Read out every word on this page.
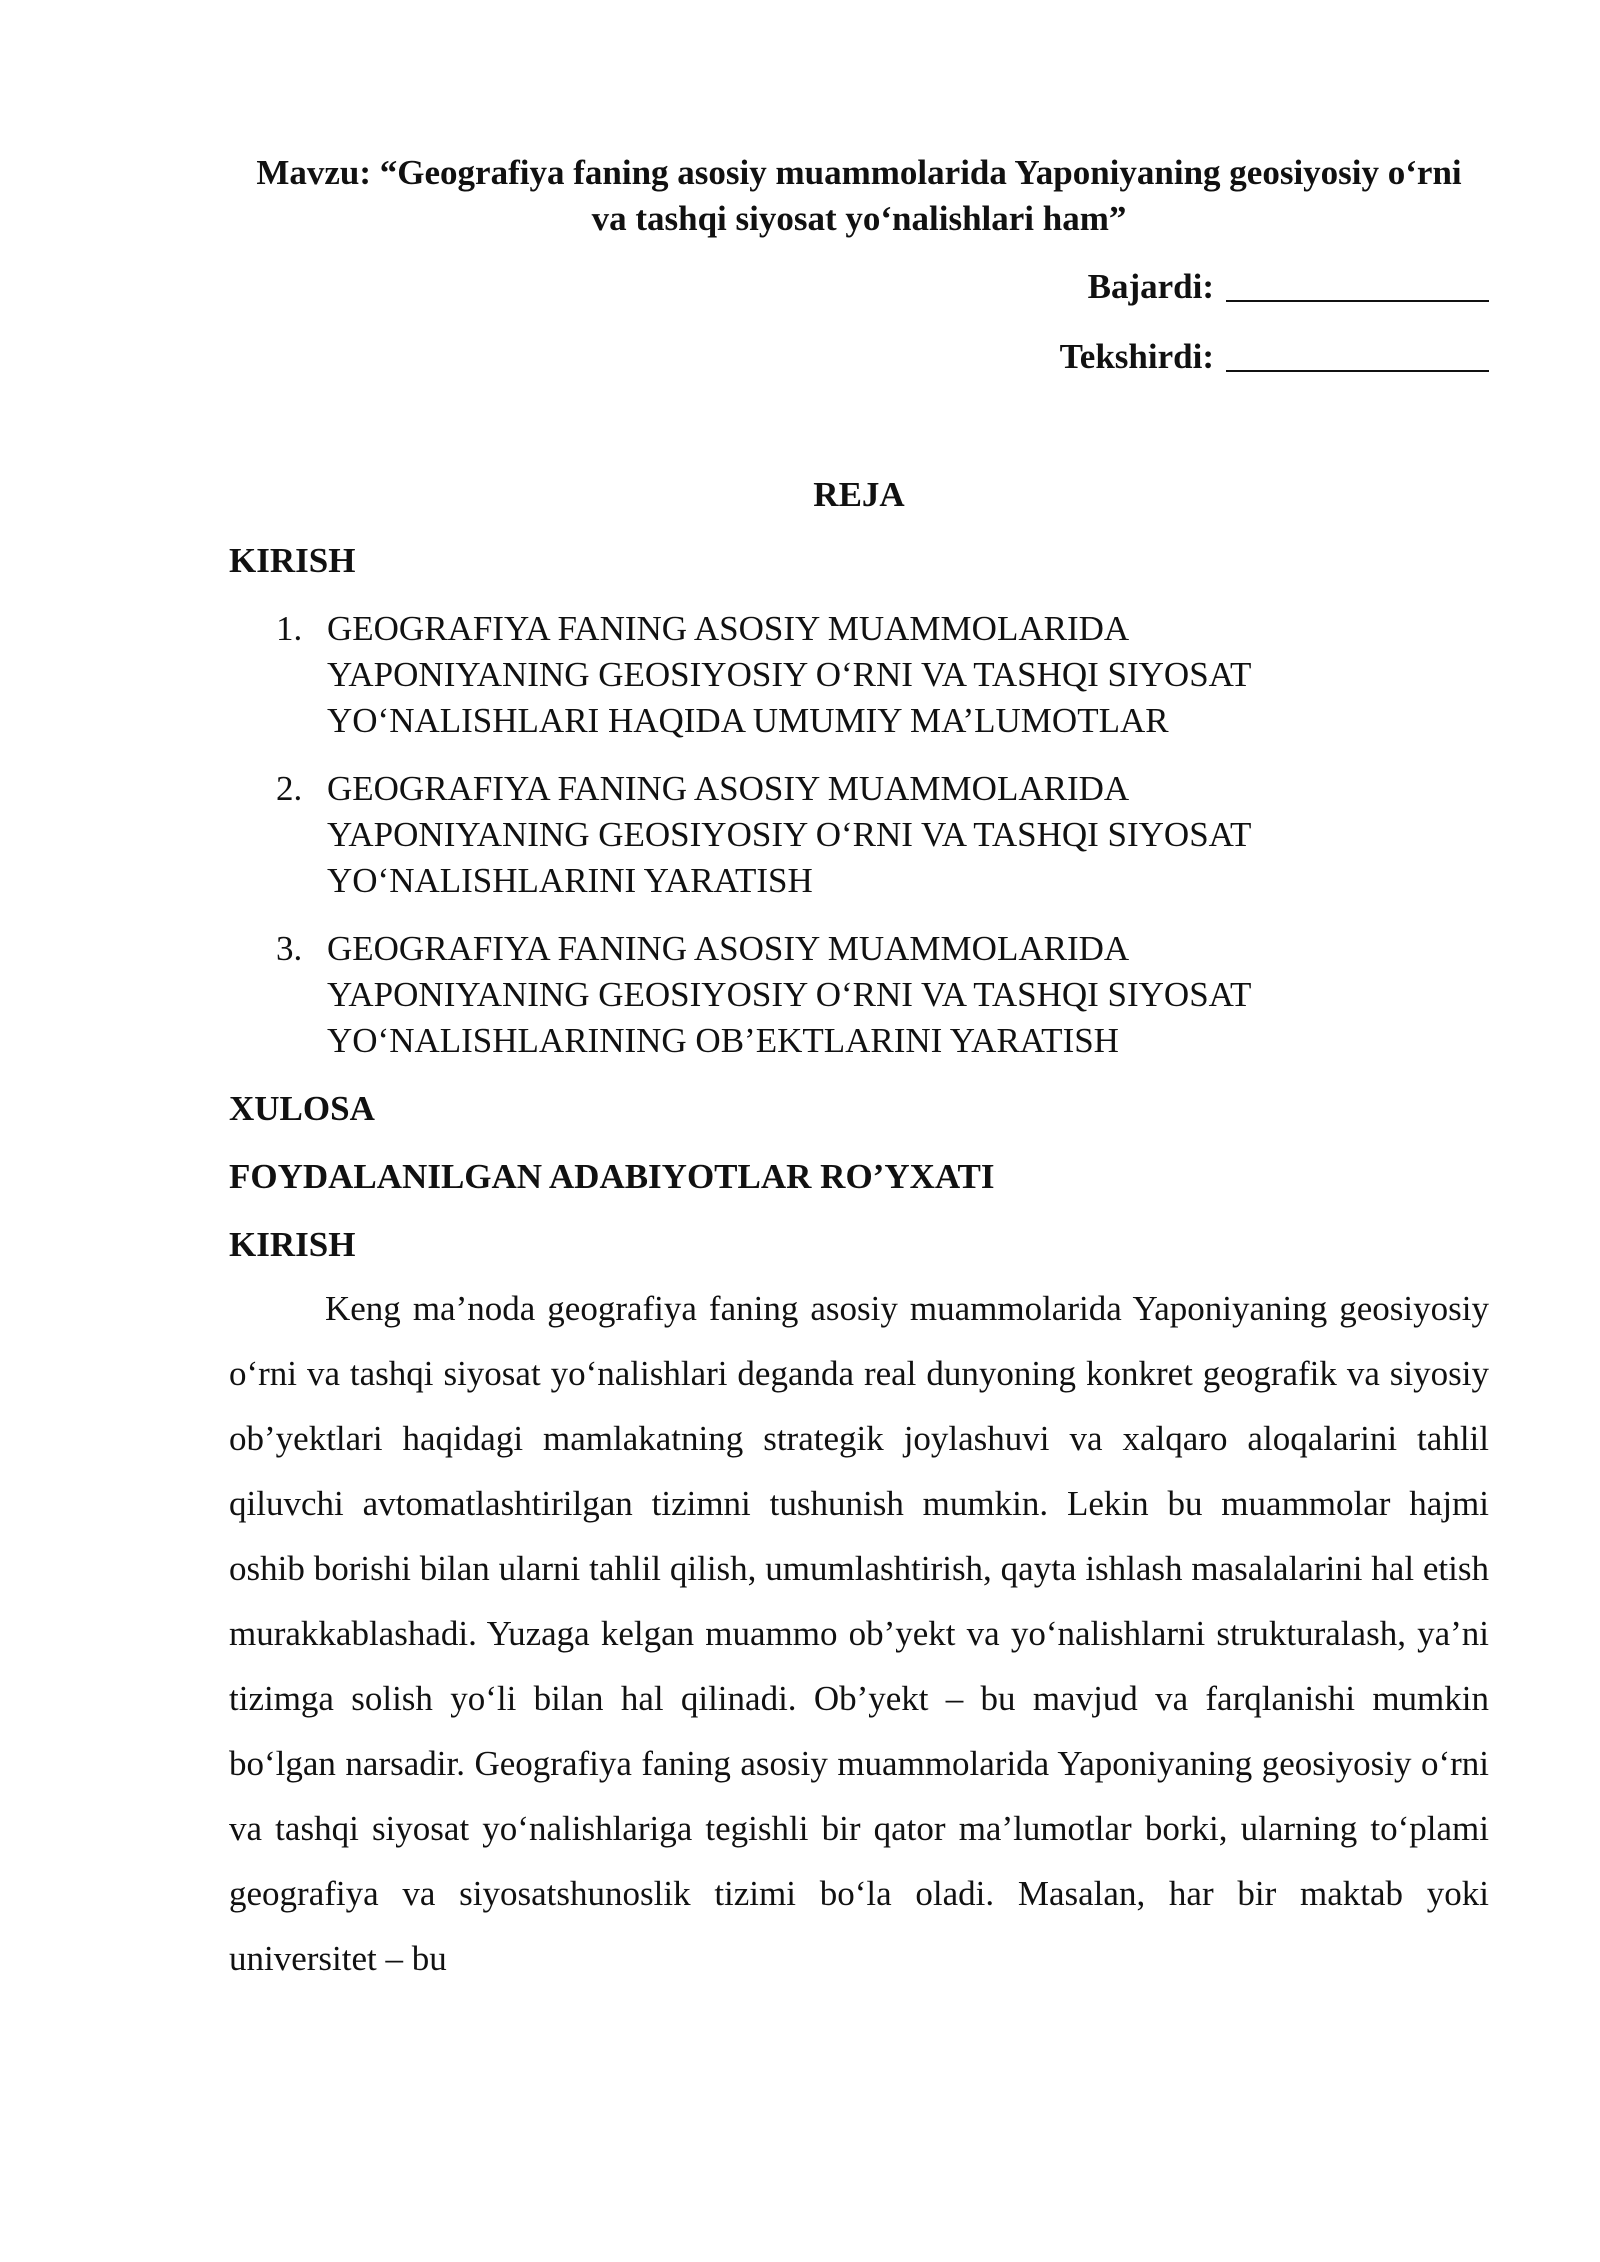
Mavzu: “Geografiya faning asosiy muammolarida Yaponiyaning geosiyosiy o‘rni va tashqi siyosat yo‘nalishlari ham”
Bajardi:
Tekshirdi:
REJA
KIRISH
1. GEOGRAFIYA FANING ASOSIY MUAMMOLARIDA YAPONIYANING GEOSIYOSIY O‘RNI VA TASHQI SIYOSAT YO‘NALISHLARI HAQIDA UMUMIY MA’LUMOTLAR
2. GEOGRAFIYA FANING ASOSIY MUAMMOLARIDA YAPONIYANING GEOSIYOSIY O‘RNI VA TASHQI SIYOSAT YO‘NALISHLARINI YARATISH
3. GEOGRAFIYA FANING ASOSIY MUAMMOLARIDA YAPONIYANING GEOSIYOSIY O‘RNI VA TASHQI SIYOSAT YO‘NALISHLARINING OB’EKTLARINI YARATISH
XULOSA
FOYDALANILGAN ADABIYOTLAR RO’YXATI
KIRISH

Keng ma’noda geografiya faning asosiy muammolarida Yaponiyaning geosiyosiy o‘rni va tashqi siyosat yo‘nalishlari deganda real dunyoning konkret geografik va siyosiy ob’yektlari haqidagi mamlakatning strategik joylashuvi va xalqaro aloqalarini tahlil qiluvchi avtomatlashtirilgan tizimni tushunish mumkin. Lekin bu muammolar hajmi oshib borishi bilan ularni tahlil qilish, umumlashtirish, qayta ishlash masalalarini hal etish murakkablashadi. Yuzaga kelgan muammo ob’yekt va yo‘nalishlarni strukturalash, ya’ni tizimga solish yo‘li bilan hal qilinadi. Ob’yekt – bu mavjud va farqlanishi mumkin bo‘lgan narsadir. Geografiya faning asosiy muammolarida Yaponiyaning geosiyosiy o‘rni va tashqi siyosat yo‘nalishlariga tegishli bir qator ma’lumotlar borki, ularning to‘plami geografiya va siyosatshunoslik tizimi bo‘la oladi. Masalan, har bir maktab yoki universitet – bu
